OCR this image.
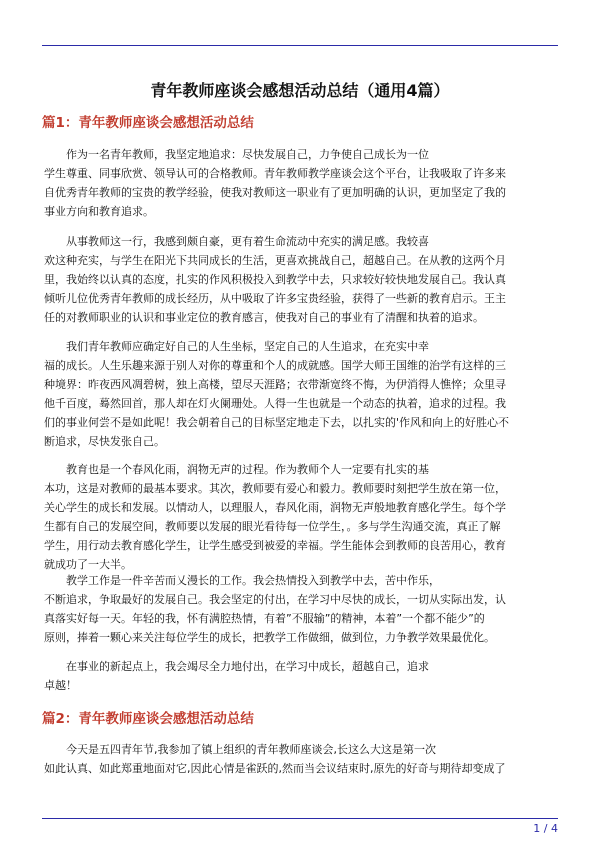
青年教师座谈会感想活动总结（通用4篇）
篇1：青年教师座谈会感想活动总结

作为一名青年教师，我坚定地追求：尽快发展自己，力争使自己成长为一位
学生尊重、同事欣赏、领导认可的合格教师。青年教师教学座谈会这个平台，让我吸取了许多来
自优秀青年教师的宝贵的教学经验，使我对教师这一职业有了更加明确的认识，更加坚定了我的
事业方向和教育追求。

从事教师这一行，我感到颇自豪，更有着生命流动中充实的满足感。我较喜
欢这种充实，与学生在阳光下共同成长的生活，更喜欢挑战自己，超越自己。在从教的这两个月
里，我始终以认真的态度，扎实的作风积极投入到教学中去，只求较好较快地发展自己。我认真
倾听儿位优秀青年教师的成长经历，从中吸取了许多宝贵经验，获得了一些新的教育启示。王主
任的对教师职业的认识和事业定位的教育感言，使我对自己的事业有了清醒和执着的追求。

我们青年教师应确定好自己的人生坐标，坚定自己的人生追求，在充实中幸
福的成长。人生乐趣来源于别人对你的尊重和个人的成就感。国学大师王国维的治学有这样的三
种境界：昨夜西风凋碧树，独上高楼，望尽天涯路；衣带渐宽终不悔，为伊消得人憔悴；众里寻
他千百度，蓦然回首，那人却在灯火阑珊处。人得一生也就是一个动态的执着，追求的过程。我
们的事业何尝不是如此呢！我会朝着自己的目标坚定地走下去，以扎实的'作风和向上的好胜心不
断追求，尽快发张自己。

教育也是一个春风化雨，润物无声的过程。作为教师个人一定要有扎实的基
本功，这是对教师的最基本要求。其次，教师要有爱心和毅力。教师要时刻把学生放在第一位，
关心学生的成长和发展。以情动人，以理服人，春风化雨，润物无声般地教育感化学生。每个学
生都有自己的发展空间，教师要以发展的眼光看待每一位学生，。多与学生沟通交流，真正了解
学生，用行动去教育感化学生，让学生感受到被爱的幸福。学生能体会到教师的良苦用心，教育
就成功了一大半。

教学工作是一件辛苦而乂漫长的工作。我会热情投入到教学中去，苦中作乐，
不断追求，争取最好的发展自己。我会坚定的付出，在学习中尽快的成长，一切从实际出发，认
真落实好每一天。年轻的我，怀有满腔热情，有着”不服输”的精神，本着”一个都不能少”的
原则，捧着一颗心来关注每位学生的成长，把教学工作做细，做到位，力争教学效果最优化。

在事业的新起点上，我会竭尽全力地付出，在学习中成长，超越自己，追求
卓越！

篇2：青年教师座谈会感想活动总结

今天是五四青年节,我参加了镇上组织的青年教师座谈会,长这么大这是第一次
如此认真、如此郑重地面对它,因此心情是雀跃的,然而当会议结束时,原先的好奇与期待却变成了

1 / 4
